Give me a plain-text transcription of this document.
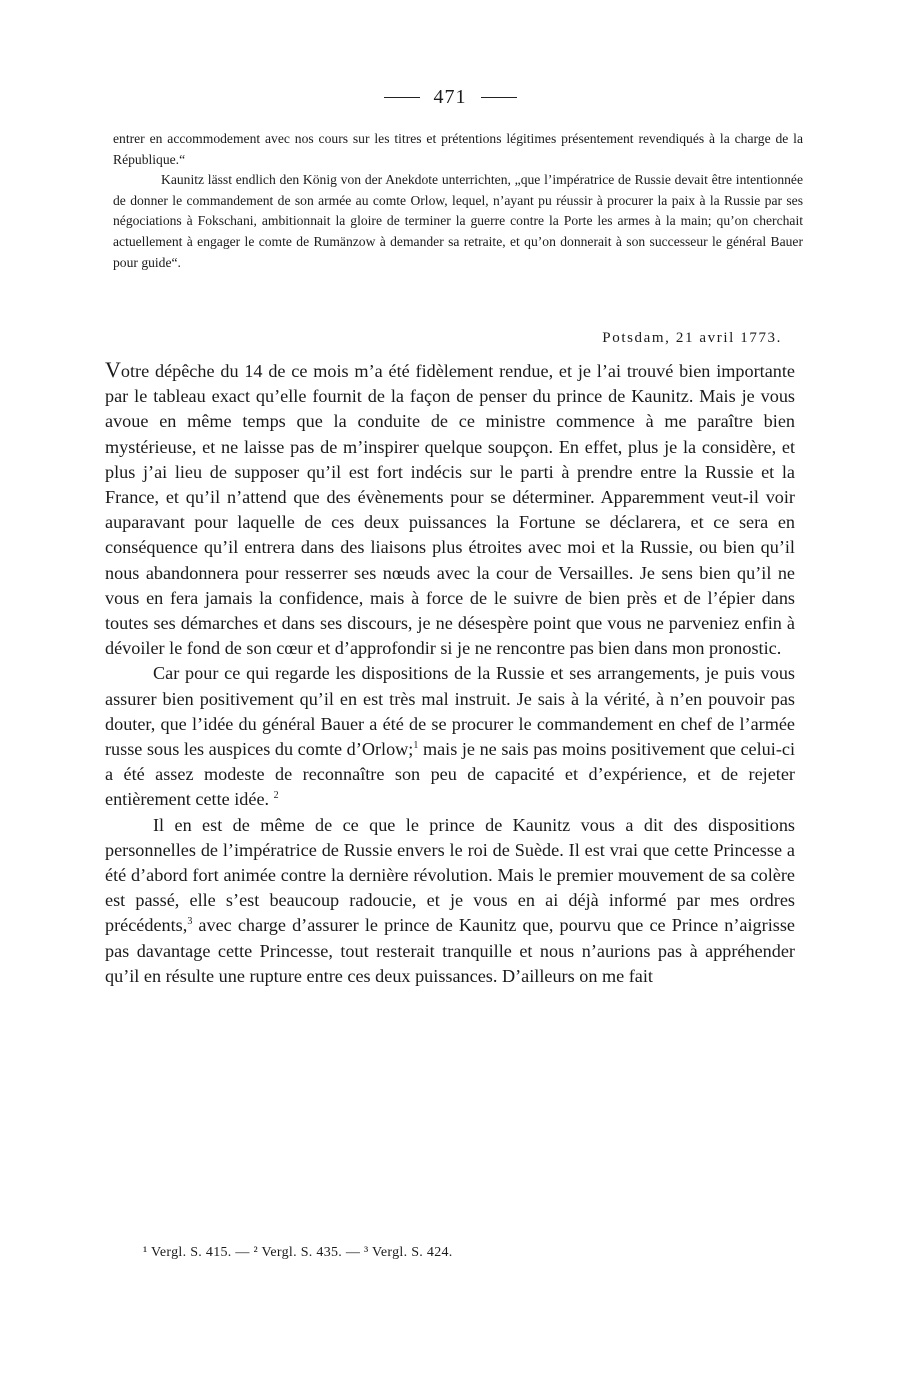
471

entrer en accommodement avec nos cours sur les titres et prétentions légitimes présentement revendiqués à la charge de la République.“

Kaunitz lässt endlich den König von der Anekdote unterrichten, „que l’impératrice de Russie devait être intentionnée de donner le commandement de son armée au comte Orlow, lequel, n’ayant pu réussir à procurer la paix à la Russie par ses négociations à Fokschani, ambitionnait la gloire de terminer la guerre contre la Porte les armes à la main; qu’on cherchait actuellement à engager le comte de Rumänzow à demander sa retraite, et qu’on donnerait à son successeur le général Bauer pour guide“.

Potsdam, 21 avril 1773.

Votre dépêche du 14 de ce mois m’a été fidèlement rendue, et je l’ai trouvé bien importante par le tableau exact qu’elle fournit de la façon de penser du prince de Kaunitz. Mais je vous avoue en même temps que la conduite de ce ministre commence à me paraître bien mystérieuse, et ne laisse pas de m’inspirer quelque soupçon. En effet, plus je la considère, et plus j’ai lieu de supposer qu’il est fort indécis sur le parti à prendre entre la Russie et la France, et qu’il n’attend que des évènements pour se déterminer. Apparemment veut-il voir auparavant pour laquelle de ces deux puissances la Fortune se déclarera, et ce sera en conséquence qu’il entrera dans des liaisons plus étroites avec moi et la Russie, ou bien qu’il nous abandonnera pour resserrer ses nœuds avec la cour de Versailles. Je sens bien qu’il ne vous en fera jamais la confidence, mais à force de le suivre de bien près et de l’épier dans toutes ses démarches et dans ses discours, je ne désespère point que vous ne parveniez enfin à dévoiler le fond de son cœur et d’approfondir si je ne rencontre pas bien dans mon pronostic.

Car pour ce qui regarde les dispositions de la Russie et ses arrangements, je puis vous assurer bien positivement qu’il en est très mal instruit. Je sais à la vérité, à n’en pouvoir pas douter, que l’idée du général Bauer a été de se procurer le commandement en chef de l’armée russe sous les auspices du comte d’Orlow;$^1$ mais je ne sais pas moins positivement que celui-ci a été assez modeste de reconnaître son peu de capacité et d’expérience, et de rejeter entièrement cette idée. $^2$

Il en est de même de ce que le prince de Kaunitz vous a dit des dispositions personnelles de l’impératrice de Russie envers le roi de Suède. Il est vrai que cette Princesse a été d’abord fort animée contre la dernière révolution. Mais le premier mouvement de sa colère est passé, elle s’est beaucoup radoucie, et je vous en ai déjà informé par mes ordres précédents,$^3$ avec charge d’assurer le prince de Kaunitz que, pourvu que ce Prince n’aigrisse pas davantage cette Princesse, tout resterait tranquille et nous n’aurions pas à appréhender qu’il en résulte une rupture entre ces deux puissances. D’ailleurs on me fait

¹ Vergl. S. 415. — ² Vergl. S. 435. — ³ Vergl. S. 424.
